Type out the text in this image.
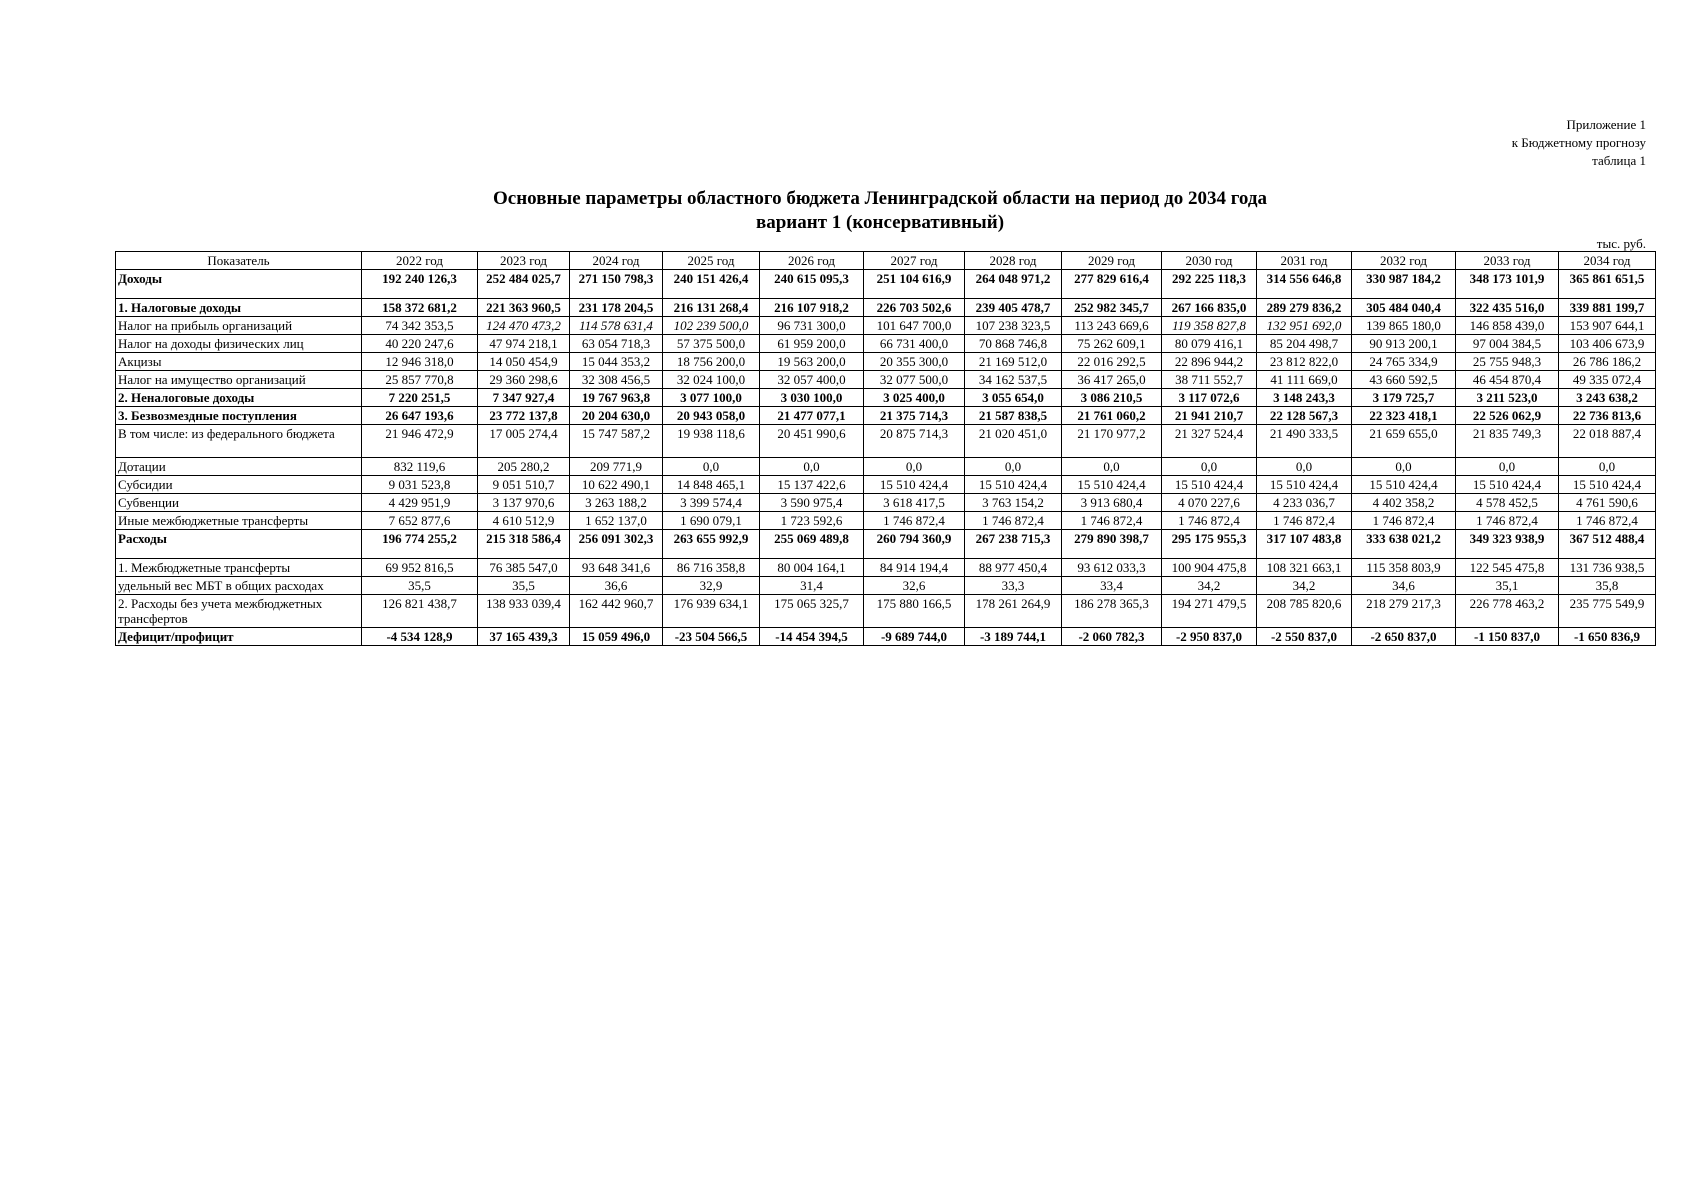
Приложение 1
к Бюджетному прогнозу
таблица 1
Основные параметры областного бюджета Ленинградской области на период до 2034 года
вариант 1 (консервативный)
тыс. руб.
Показатель	2022 год	2023 год	2024 год	2025 год	2026 год	2027 год	2028 год	2029 год	2030 год	2031 год	2032 год	2033 год	2034 год
Доходы	192 240 126,3	252 484 025,7	271 150 798,3	240 151 426,4	240 615 095,3	251 104 616,9	264 048 971,2	277 829 616,4	292 225 118,3	314 556 646,8	330 987 184,2	348 173 101,9	365 861 651,5
1. Налоговые доходы	158 372 681,2	221 363 960,5	231 178 204,5	216 131 268,4	216 107 918,2	226 703 502,6	239 405 478,7	252 982 345,7	267 166 835,0	289 279 836,2	305 484 040,4	322 435 516,0	339 881 199,7
Налог на прибыль организаций	74 342 353,5	124 470 473,2	114 578 631,4	102 239 500,0	96 731 300,0	101 647 700,0	107 238 323,5	113 243 669,6	119 358 827,8	132 951 692,0	139 865 180,0	146 858 439,0	153 907 644,1
Налог на доходы физических лиц	40 220 247,6	47 974 218,1	63 054 718,3	57 375 500,0	61 959 200,0	66 731 400,0	70 868 746,8	75 262 609,1	80 079 416,1	85 204 498,7	90 913 200,1	97 004 384,5	103 406 673,9
Акцизы	12 946 318,0	14 050 454,9	15 044 353,2	18 756 200,0	19 563 200,0	20 355 300,0	21 169 512,0	22 016 292,5	22 896 944,2	23 812 822,0	24 765 334,9	25 755 948,3	26 786 186,2
Налог на имущество организаций	25 857 770,8	29 360 298,6	32 308 456,5	32 024 100,0	32 057 400,0	32 077 500,0	34 162 537,5	36 417 265,0	38 711 552,7	41 111 669,0	43 660 592,5	46 454 870,4	49 335 072,4
2. Неналоговые доходы	7 220 251,5	7 347 927,4	19 767 963,8	3 077 100,0	3 030 100,0	3 025 400,0	3 055 654,0	3 086 210,5	3 117 072,6	3 148 243,3	3 179 725,7	3 211 523,0	3 243 638,2
3. Безвозмездные поступления	26 647 193,6	23 772 137,8	20 204 630,0	20 943 058,0	21 477 077,1	21 375 714,3	21 587 838,5	21 761 060,2	21 941 210,7	22 128 567,3	22 323 418,1	22 526 062,9	22 736 813,6
В том числе: из федерального бюджета	21 946 472,9	17 005 274,4	15 747 587,2	19 938 118,6	20 451 990,6	20 875 714,3	21 020 451,0	21 170 977,2	21 327 524,4	21 490 333,5	21 659 655,0	21 835 749,3	22 018 887,4
Дотации	832 119,6	205 280,2	209 771,9	0,0	0,0	0,0	0,0	0,0	0,0	0,0	0,0	0,0	0,0
Субсидии	9 031 523,8	9 051 510,7	10 622 490,1	14 848 465,1	15 137 422,6	15 510 424,4	15 510 424,4	15 510 424,4	15 510 424,4	15 510 424,4	15 510 424,4	15 510 424,4	15 510 424,4
Субвенции	4 429 951,9	3 137 970,6	3 263 188,2	3 399 574,4	3 590 975,4	3 618 417,5	3 763 154,2	3 913 680,4	4 070 227,6	4 233 036,7	4 402 358,2	4 578 452,5	4 761 590,6
Иные межбюджетные трансферты	7 652 877,6	4 610 512,9	1 652 137,0	1 690 079,1	1 723 592,6	1 746 872,4	1 746 872,4	1 746 872,4	1 746 872,4	1 746 872,4	1 746 872,4	1 746 872,4	1 746 872,4
Расходы	196 774 255,2	215 318 586,4	256 091 302,3	263 655 992,9	255 069 489,8	260 794 360,9	267 238 715,3	279 890 398,7	295 175 955,3	317 107 483,8	333 638 021,2	349 323 938,9	367 512 488,4
1. Межбюджетные трансферты	69 952 816,5	76 385 547,0	93 648 341,6	86 716 358,8	80 004 164,1	84 914 194,4	88 977 450,4	93 612 033,3	100 904 475,8	108 321 663,1	115 358 803,9	122 545 475,8	131 736 938,5
удельный вес МБТ в общих расходах	35,5	35,5	36,6	32,9	31,4	32,6	33,3	33,4	34,2	34,2	34,6	35,1	35,8
2. Расходы без учета межбюджетных трансфертов	126 821 438,7	138 933 039,4	162 442 960,7	176 939 634,1	175 065 325,7	175 880 166,5	178 261 264,9	186 278 365,3	194 271 479,5	208 785 820,6	218 279 217,3	226 778 463,2	235 775 549,9
Дефицит/профицит	-4 534 128,9	37 165 439,3	15 059 496,0	-23 504 566,5	-14 454 394,5	-9 689 744,0	-3 189 744,1	-2 060 782,3	-2 950 837,0	-2 550 837,0	-2 650 837,0	-1 150 837,0	-1 650 836,9
